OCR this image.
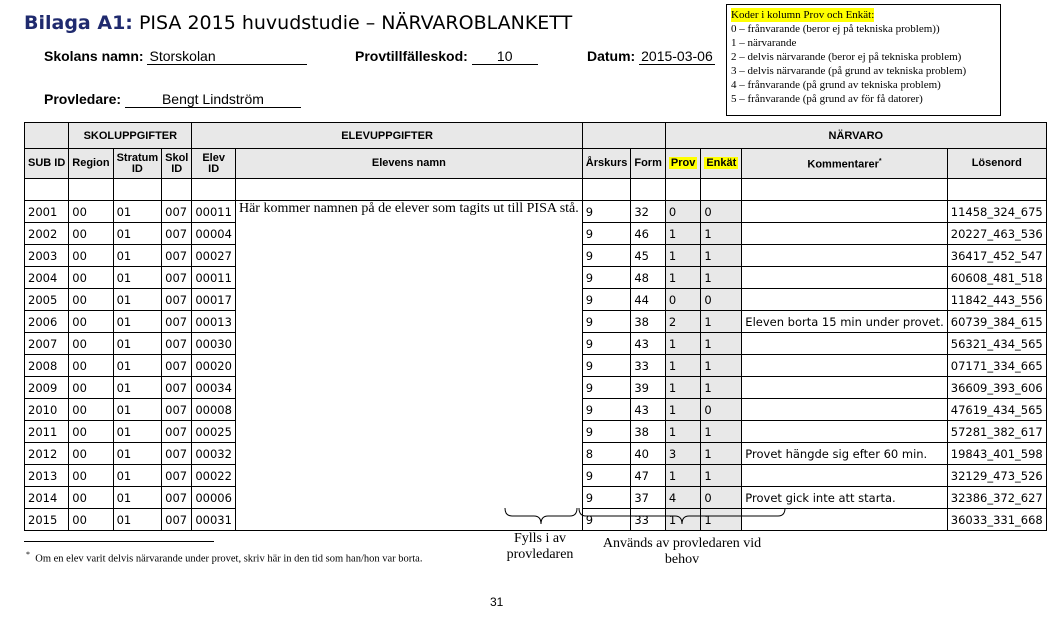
Bilaga A1: PISA 2015 huvudstudie – NÄRVAROBLANKETT
Skolans namn: Storskolan	Provtillfälleskod: 10	Datum: 2015-03-06
Provledare:	Bengt Lindström
Koder i kolumn Prov och Enkät:
0 – frånvarande (beror ej på tekniska problem))
1 – närvarande
2 – delvis närvarande (beror ej på tekniska problem)
3 – delvis närvarande (på grund av tekniska problem)
4 – frånvarande (på grund av tekniska problem)
5 – frånvarande (på grund av för få datorer)
	SKOLUPPGIFTER			ELEVUPPGIFTER				NÄRVARO			
SUB ID	Region	Stratum ID	Skol ID	Elev ID	Elevens namn	Årskurs	Form	Prov	Enkät	Kommentarer*	Lösenord

2001	00	01	007	00011	Här kommer namnen på de elever som tagits ut till PISA stå.	9	32	0	0		11458_324_675
2002	00	01	007	00004		9	46	1	1		20227_463_536
2003	00	01	007	00027		9	45	1	1		36417_452_547
2004	00	01	007	00011		9	48	1	1		60608_481_518
2005	00	01	007	00017		9	44	0	0		11842_443_556
2006	00	01	007	00013		9	38	2	1	Eleven borta 15 min under provet.	60739_384_615
2007	00	01	007	00030		9	43	1	1		56321_434_565
2008	00	01	007	00020		9	33	1	1		07171_334_665
2009	00	01	007	00034		9	39	1	1		36609_393_606
2010	00	01	007	00008		9	43	1	0		47619_434_565
2011	00	01	007	00025		9	38	1	1		57281_382_617
2012	00	01	007	00032		8	40	3	1	Provet hängde sig efter 60 min.	19843_401_598
2013	00	01	007	00022		9	47	1	1		32129_473_526
2014	00	01	007	00006		9	37	4	0	Provet gick inte att starta.	32386_372_627
2015	00	01	007	00031		9	33	1	1		36033_331_668
Fylls i av provledaren
Används av provledaren vid behov
* Om en elev varit delvis närvarande under provet, skriv här in den tid som han/hon var borta.
31
